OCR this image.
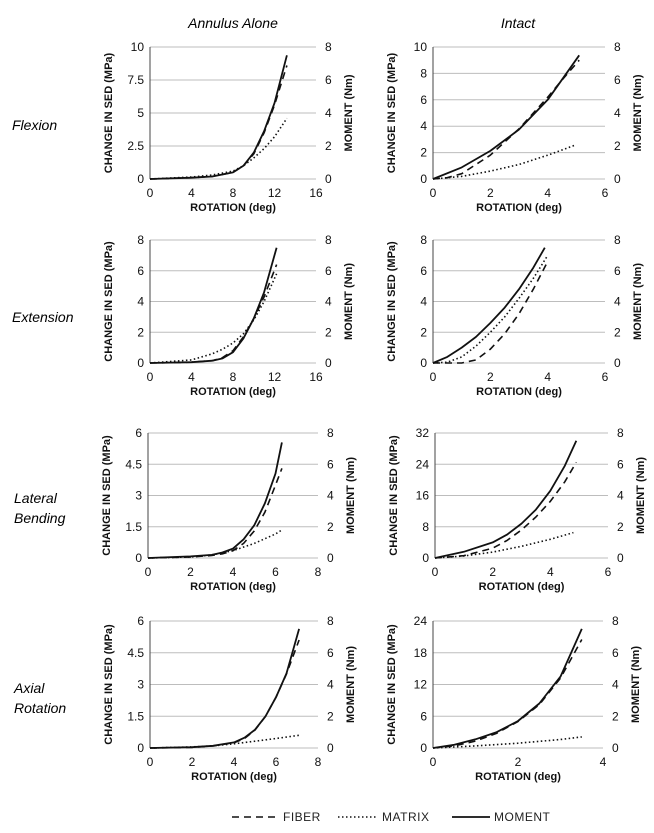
Annulus Alone	Intact
Flexion
Extension
Lateral Bending
Axial Rotation
0
2.5
5
7.5
10
0
2
4
6
8
0	4	8	12 16
ROTATION (deg)
CHANGE IN SED (MPa)	MOMENT (Nm)
0
2
4
6
8
10
0
2
4
6
8
0	2	4	6
ROTATION (deg)
CHANGE IN SED (MPa)	MOMENT (Nm)
0
2
4
6
8
0
2
4
6
8
0	4	8	12 16
ROTATION (deg)
CHANGE IN SED (MPa)	MOMENT (Nm)
0
2
4
6
8
0
2
4
6
8
0	2	4	6
ROTATION (deg)
CHANGE IN SED (MPa)	MOMENT (Nm)
0
1.5
3
4.5
6
0
2
4
6
8
0	2	4	6	8
ROTATION (deg)
CHANGE IN SED (MPa)	MOMENT (Nm)
0
8
16
24
32
0
2
4
6
8
0	2	4	6
ROTATION (deg)
CHANGE IN SED (MPa)	MOMENT (Nm)
0
1.5
3
4.5
6
0
2
4
6
8
0	2	4	6	8
ROTATION (deg)
CHANGE IN SED (MPa)	MOMENT (Nm)
0
6
12
18
24
0
2
4
6
8
0	2	4
ROTATION (deg)
CHANGE IN SED (MPa)	MOMENT (Nm)
FIBER	MATRIX	MOMENT
